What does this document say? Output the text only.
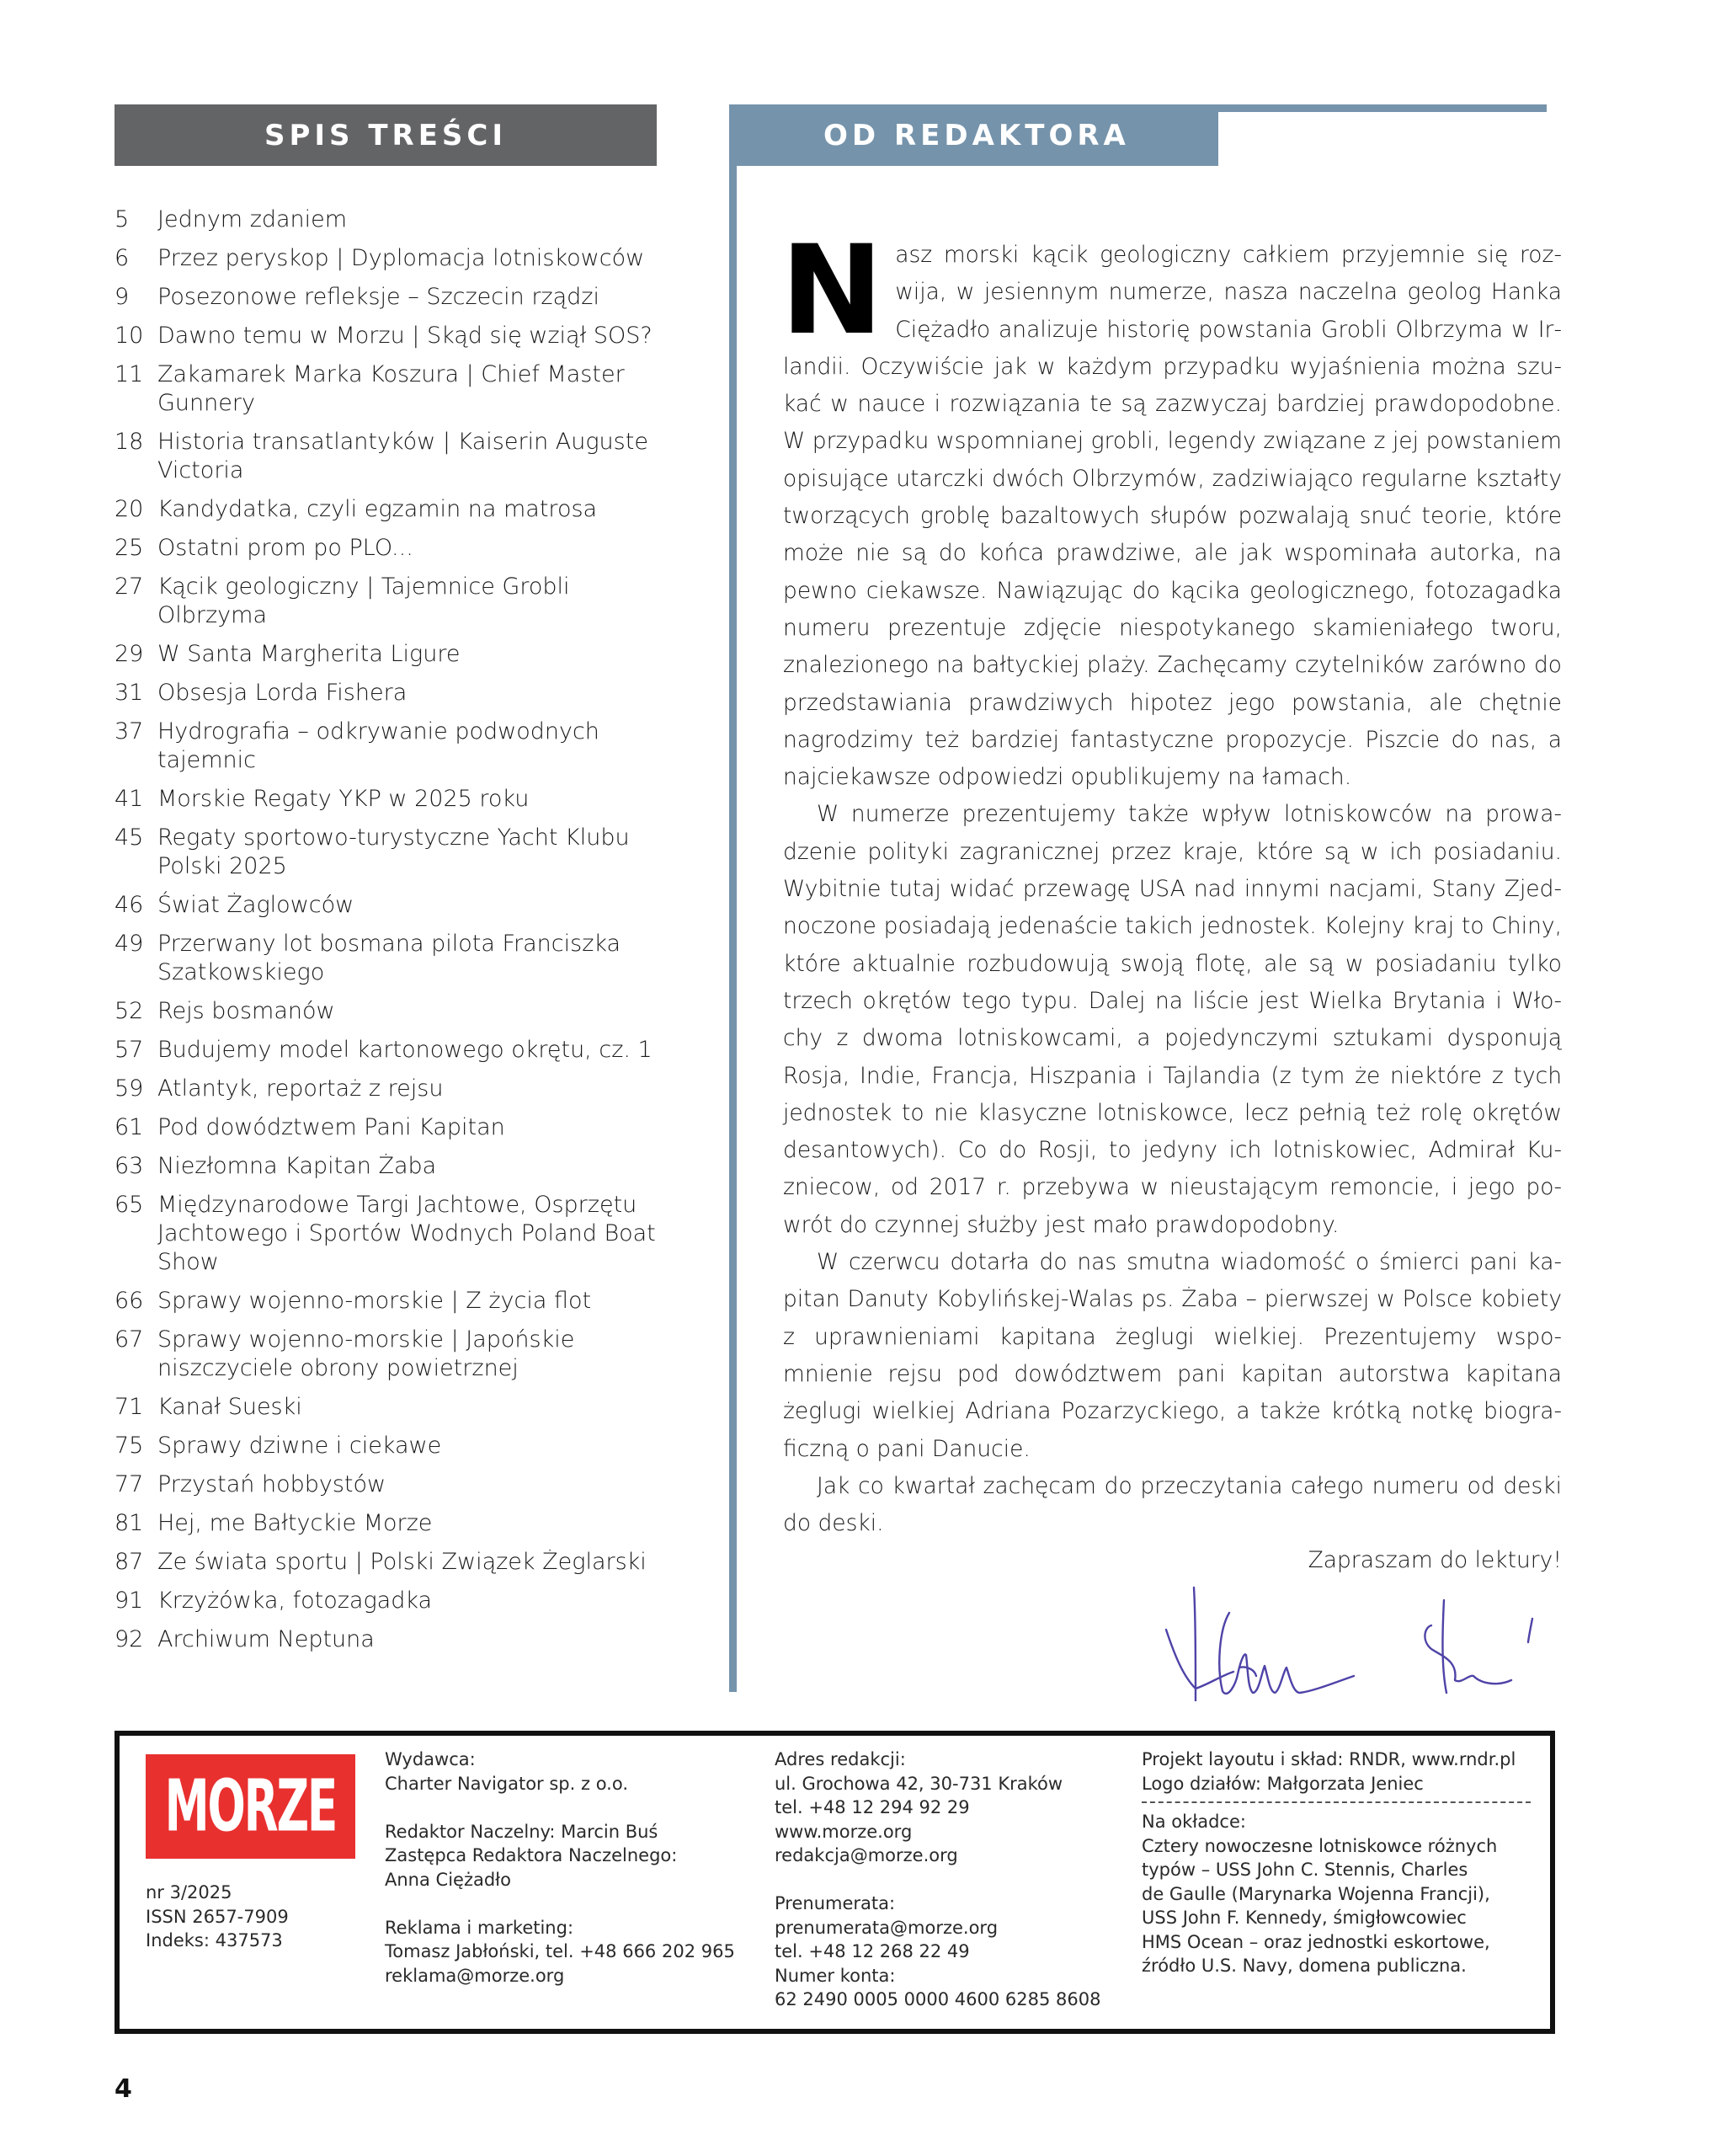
SPIS TREŚCI
5	Jednym zdaniem
6	Przez peryskop | Dyplomacja lotniskowców
9	Posezonowe refleksje – Szczecin rządzi
10 Dawno temu w Morzu | Skąd się wziął SOS?
11 Zakamarek Marka Koszura | Chief Master Gunnery
18 Historia transatlantyków | Kaiserin Auguste Victoria
20 Kandydatka, czyli egzamin na matrosa
25 Ostatni prom po PLO...
27 Kącik geologiczny | Tajemnice Grobli Olbrzyma
29 W Santa Margherita Ligure
31 Obsesja Lorda Fishera
37 Hydrografia – odkrywanie podwodnych tajemnic
41 Morskie Regaty YKP w 2025 roku
45 Regaty sportowo-turystyczne Yacht Klubu Polski 2025
46 Świat Żaglowców
49 Przerwany lot bosmana pilota Franciszka Szatkowskiego
52 Rejs bosmanów
57 Budujemy model kartonowego okrętu, cz. 1
59 Atlantyk, reportaż z rejsu
61 Pod dowództwem Pani Kapitan
63 Niezłomna Kapitan Żaba
65 Międzynarodowe Targi Jachtowe, Osprzętu Jachtowego i Sportów Wodnych Poland Boat Show
66 Sprawy wojenno-morskie | Z życia flot
67 Sprawy wojenno-morskie | Japońskie niszczyciele obrony powietrznej
71 Kanał Sueski
75 Sprawy dziwne i ciekawe
77 Przystań hobbystów
81 Hej, me Bałtyckie Morze
87 Ze świata sportu | Polski Związek Żeglarski
91 Krzyżówka, fotozagadka
92 Archiwum Neptuna
OD REDAKTORA

Nasz morski kącik geologiczny całkiem przyjemnie się rozwija, w jesiennym numerze, nasza naczelna geolog Hanka Ciężadło analizuje historię powstania Grobli Olbrzyma w Irlandii. Oczywiście jak w każdym przypadku wyjaśnienia można szukać w nauce i rozwiązania te są zazwyczaj bardziej prawdopodobne. W przypadku wspomnianej grobli, legendy związane z jej powstaniem opisujące utarczki dwóch Olbrzymów, zadziwiająco regularne kształty tworzących groblę bazaltowych słupów pozwalają snuć teorie, które może nie są do końca prawdziwe, ale jak wspominała autorka, na pewno ciekawsze. Nawiązując do kącika geologicznego, fotozagadka numeru prezentuje zdjęcie niespotykanego skamieniałego tworu, znalezionego na bałtyckiej plaży. Zachęcamy czytelników zarówno do przedstawiania prawdziwych hipotez jego powstania, ale chętnie nagrodzimy też bardziej fantastyczne propozycje. Piszcie do nas, a najciekawsze odpowiedzi opublikujemy na łamach.

W numerze prezentujemy także wpływ lotniskowców na prowadzenie polityki zagranicznej przez kraje, które są w ich posiadaniu. Wybitnie tutaj widać przewagę USA nad innymi nacjami, Stany Zjednoczone posiadają jedenaście takich jednostek. Kolejny kraj to Chiny, które aktualnie rozbudowują swoją flotę, ale są w posiadaniu tylko trzech okrętów tego typu. Dalej na liście jest Wielka Brytania i Włochy z dwoma lotniskowcami, a pojedynczymi sztukami dysponują Rosja, Indie, Francja, Hiszpania i Tajlandia (z tym że niektóre z tych jednostek to nie klasyczne lotniskowce, lecz pełnią też rolę okrętów desantowych). Co do Rosji, to jedyny ich lotniskowiec, Admirał Kuzniecow, od 2017 r. przebywa w nieustającym remoncie, i jego powrót do czynnej służby jest mało prawdopodobny.

W czerwcu dotarła do nas smutna wiadomość o śmierci pani kapitan Danuty Kobylińskej-Walas ps. Żaba – pierwszej w Polsce kobiety z uprawnieniami kapitana żeglugi wielkiej. Prezentujemy wspomnienie rejsu pod dowództwem pani kapitan autorstwa kapitana żeglugi wielkiej Adriana Pozarzyckiego, a także krótką notkę biograficzną o pani Danucie.

Jak co kwartał zachęcam do przeczytania całego numeru od deski do deski.

Zapraszam do lektury!

MORZE
nr 3/2025
ISSN 2657-7909
Indeks: 437573
Wydawca:
Charter Navigator sp. z o.o.
Redaktor Naczelny: Marcin Buś
Zastępca Redaktora Naczelnego:
Anna Ciężadło
Reklama i marketing:
Tomasz Jabłoński, tel. +48 666 202 965
reklama@morze.org
Adres redakcji:
ul. Grochowa 42, 30-731 Kraków
tel. +48 12 294 92 29
www.morze.org
redakcja@morze.org
Prenumerata:
prenumerata@morze.org
tel. +48 12 268 22 49
Numer konta:
62 2490 0005 0000 4600 6285 8608
Projekt layoutu i skład: RNDR, www.rndr.pl
Logo działów: Małgorzata Jeniec
Na okładce:
Cztery nowoczesne lotniskowce różnych
typów – USS John C. Stennis, Charles
de Gaulle (Marynarka Wojenna Francji),
USS John F. Kennedy, śmigłowcowiec
HMS Ocean – oraz jednostki eskortowe,
źródło U.S. Navy, domena publiczna.
4
